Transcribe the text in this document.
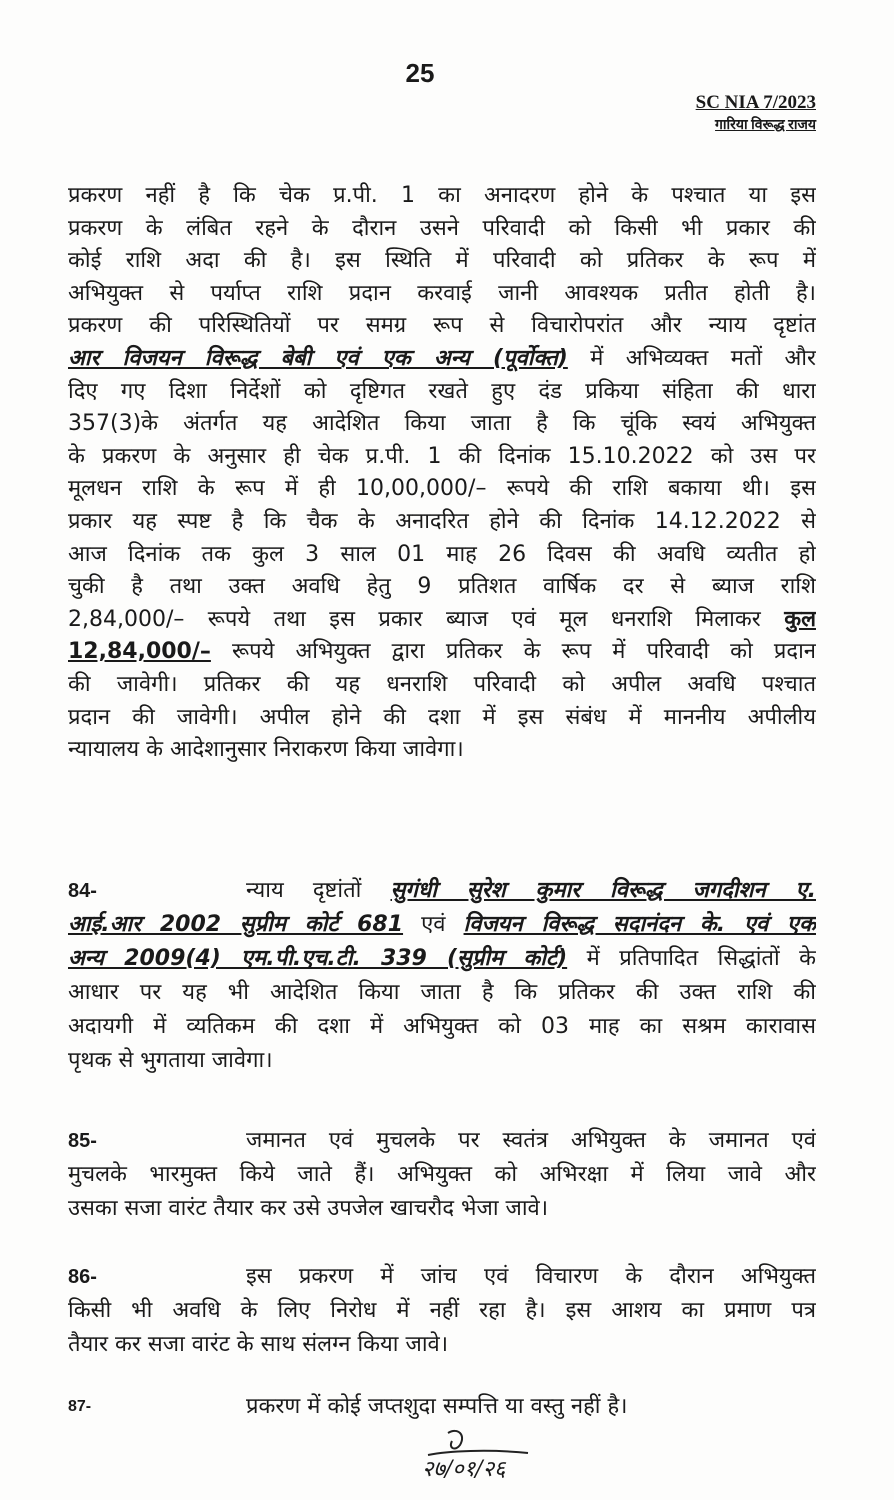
25
SC NIA 7/2023
गारिया विरूद्ध राजय
प्रकरण नहीं है कि चेक प्र.पी. 1 का अनादरण होने के पश्चात या इस
प्रकरण के लंबित रहने के दौरान उसने परिवादी को किसी भी प्रकार की
कोई राशि अदा की है। इस स्थिति में परिवादी को प्रतिकर के रूप में
अभियुक्त से पर्याप्त राशि प्रदान करवाई जानी आवश्यक प्रतीत होती है।
प्रकरण की परिस्थितियों पर समग्र रूप से विचारोपरांत और न्याय दृष्टांत
आर विजयन विरूद्ध बेबी एवं एक अन्य (पूर्वोक्त) में अभिव्यक्त मतों और
दिए गए दिशा निर्देशों को दृष्टिगत रखते हुए दंड प्रकिया संहिता की धारा
357(3)के अंतर्गत यह आदेशित किया जाता है कि चूंकि स्वयं अभियुक्त
के प्रकरण के अनुसार ही चेक प्र.पी. 1 की दिनांक 15.10.2022 को उस पर
मूलधन राशि के रूप में ही 10,00,000/– रूपये की राशि बकाया थी। इस
प्रकार यह स्पष्ट है कि चैक के अनादरित होने की दिनांक 14.12.2022 से
आज दिनांक तक कुल 3 साल 01 माह 26 दिवस की अवधि व्यतीत हो
चुकी है तथा उक्त अवधि हेतु 9 प्रतिशत वार्षिक दर से ब्याज राशि
2,84,000/– रूपये तथा इस प्रकार ब्याज एवं मूल धनराशि मिलाकर कुल
12,84,000/– रूपये अभियुक्त द्वारा प्रतिकर के रूप में परिवादी को प्रदान
की जावेगी। प्रतिकर की यह धनराशि परिवादी को अपील अवधि पश्चात
प्रदान की जावेगी। अपील होने की दशा में इस संबंध में माननीय अपीलीय
न्यायालय के आदेशानुसार निराकरण किया जावेगा।
84-	न्याय दृष्टांतों सुगंधी सुरेश कुमार विरूद्ध जगदीशन ए.
आई.आर 2002 सुप्रीम कोर्ट 681 एवं विजयन विरूद्ध सदानंदन के. एवं एक
अन्य 2009(4) एम.पी.एच.टी. 339 (सुप्रीम कोर्ट) में प्रतिपादित सिद्धांतों के
आधार पर यह भी आदेशित किया जाता है कि प्रतिकर की उक्त राशि की
अदायगी में व्यतिकम की दशा में अभियुक्त को 03 माह का सश्रम कारावास
पृथक से भुगताया जावेगा।
85-	जमानत एवं मुचलके पर स्वतंत्र अभियुक्त के जमानत एवं
मुचलके भारमुक्त किये जाते हैं। अभियुक्त को अभिरक्षा में लिया जावे और
उसका सजा वारंट तैयार कर उसे उपजेल खाचरौद भेजा जावे।
86-	इस प्रकरण में जांच एवं विचारण के दौरान अभियुक्त
किसी भी अवधि के लिए निरोध में नहीं रहा है। इस आशय का प्रमाण पत्र
तैयार कर सजा वारंट के साथ संलग्न किया जावे।
87-	प्रकरण में कोई जप्तशुदा सम्पत्ति या वस्तु नहीं है।
२७/०१/२६
